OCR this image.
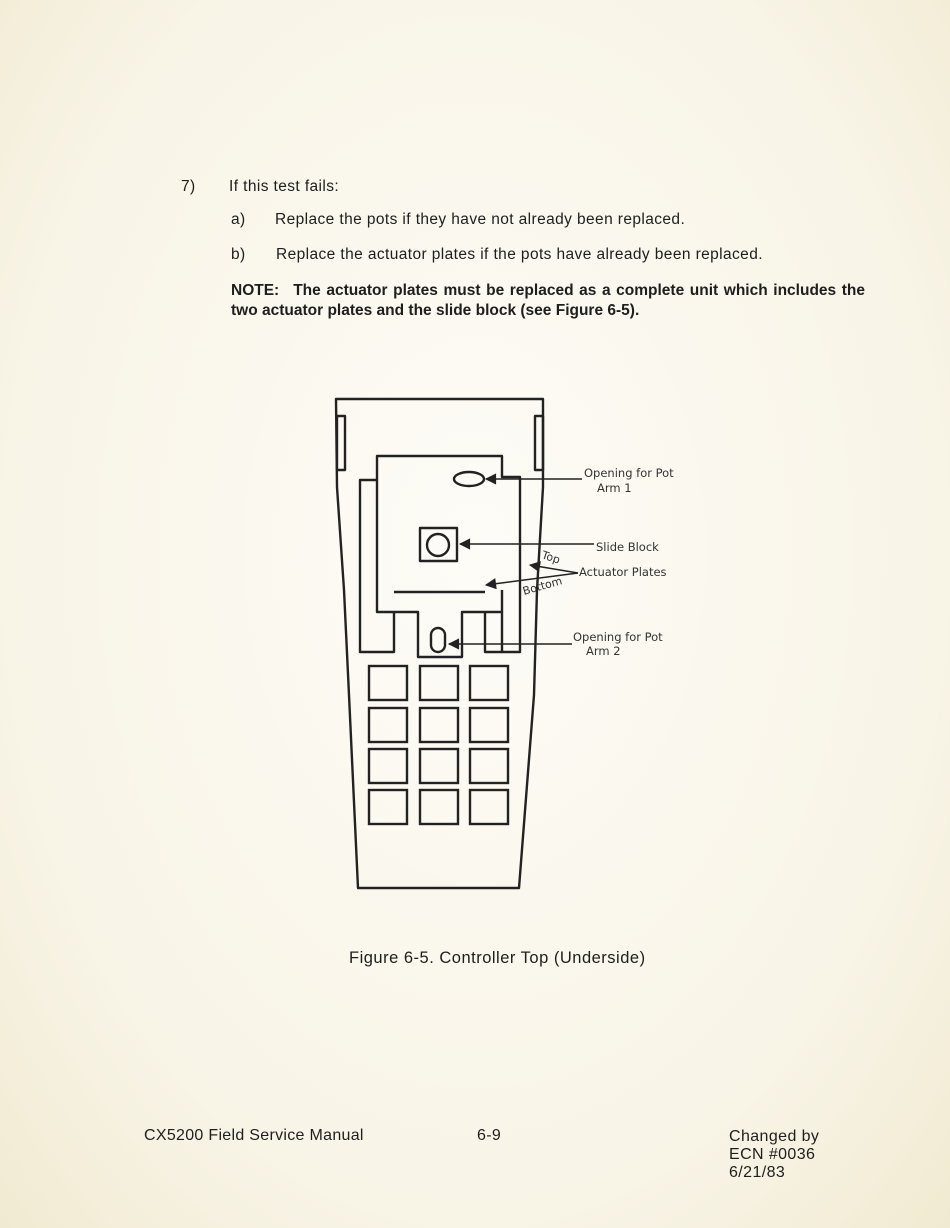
7) If this test fails:
a) Replace the pots if they have not already been replaced.
b) Replace the actuator plates if the pots have already been replaced.
NOTE: The actuator plates must be replaced as a complete unit which includes the two actuator plates and the slide block (see Figure 6-5).
Opening for Pot
Arm 1
Slide Block
Top
Actuator Plates
Bottom
Opening for Pot
Arm 2
Figure 6-5. Controller Top (Underside)
CX5200 Field Service Manual	6-9	Changed by
ECN #0036
6/21/83
